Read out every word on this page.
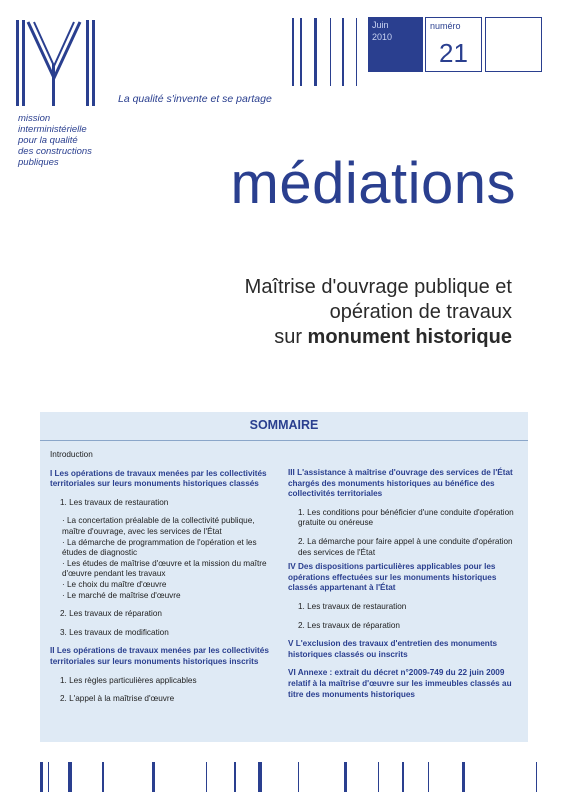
La qualité s'invente et se partage
mission
interministérielle
pour la qualité
des constructions
publiques
Juin
2010
numéro
21
médiations
Maîtrise d'ouvrage publique et
opération de travaux
sur monument historique
SOMMAIRE
Introduction
I Les opérations de travaux menées par les collectivités territoriales sur leurs monuments historiques classés
1. Les travaux de restauration
· La concertation préalable de la collectivité publique, maître d'ouvrage, avec les services de l'État
· La démarche de programmation de l'opération et les études de diagnostic
· Les études de maîtrise d'œuvre et la mission du maître d'œuvre pendant les travaux
· Le choix du maître d'œuvre
· Le marché de maîtrise d'œuvre
2. Les travaux de réparation
3. Les travaux de modification
II Les opérations de travaux menées par les collectivités territoriales sur leurs monuments historiques inscrits
1. Les règles particulières applicables
2. L'appel à la maîtrise d'œuvre
III L'assistance à maîtrise d'ouvrage des services de l'État chargés des monuments historiques au bénéfice des collectivités territoriales
1. Les conditions pour bénéficier d'une conduite d'opération gratuite ou onéreuse
2. La démarche pour faire appel à une conduite d'opération des services de l'État
IV Des dispositions particulières applicables pour les opérations effectuées sur les monuments historiques classés appartenant à l'État
1. Les travaux de restauration
2. Les travaux de réparation
V L'exclusion des travaux d'entretien des monuments historiques classés ou inscrits
VI Annexe : extrait du décret n°2009-749 du 22 juin 2009 relatif à la maîtrise d'œuvre sur les immeubles classés au titre des monuments historiques
